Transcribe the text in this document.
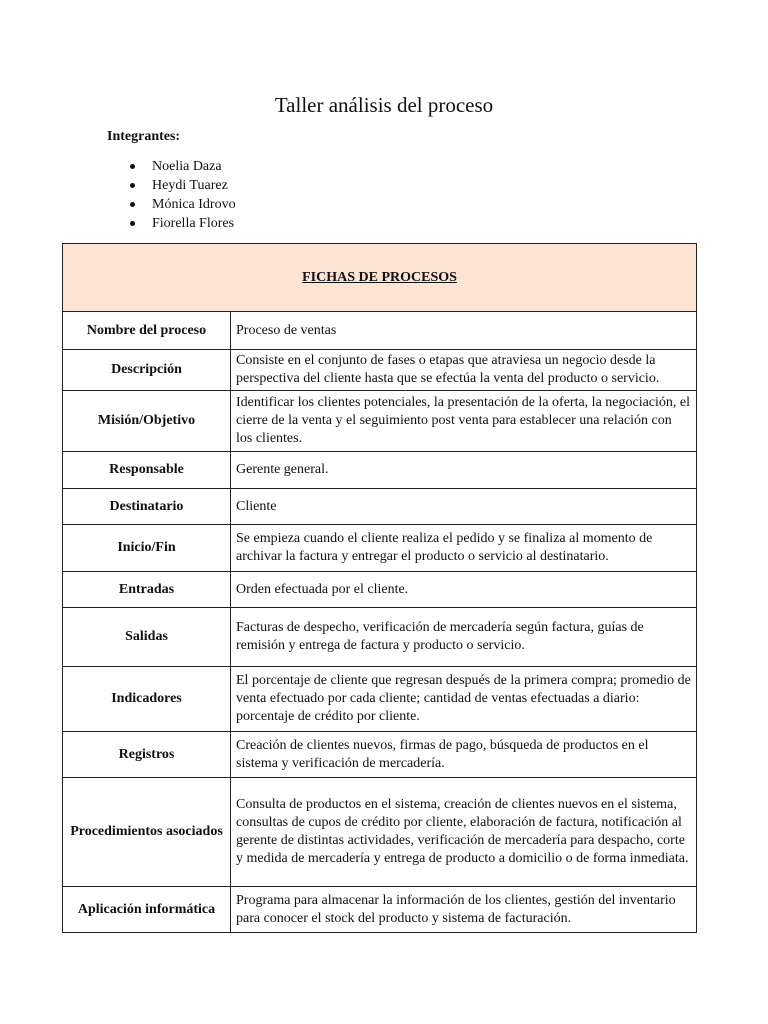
Taller análisis del proceso
Integrantes:
Noelia Daza
Heydi Tuarez
Mónica Idrovo
Fiorella Flores
FICHAS DE PROCESOS	
Nombre del proceso	Proceso de ventas
Descripción	Consiste en el conjunto de fases o etapas que atraviesa un negocio desde la perspectiva del cliente hasta que se efectúa la venta del producto o servicio.
Misión/Objetivo	Identificar los clientes potenciales, la presentación de la oferta, la negociación, el cierre de la venta y el seguimiento post venta para establecer una relación con los clientes.
Responsable	Gerente general.
Destinatario	Cliente
Inicio/Fin	Se empieza cuando el cliente realiza el pedido y se finaliza al momento de archivar la factura y entregar el producto o servicio al destinatario.
Entradas	Orden efectuada por el cliente.
Salidas	Facturas de despecho, verificación de mercadería según factura, guías de remisión y entrega de factura y producto o servicio.
Indicadores	El porcentaje de cliente que regresan después de la primera compra; promedio de venta efectuado por cada cliente; cantidad de ventas efectuadas a diario: porcentaje de crédito por cliente.
Registros	Creación de clientes nuevos, firmas de pago, búsqueda de productos en el sistema y verificación de mercadería.
Procedimientos asociados	Consulta de productos en el sistema, creación de clientes nuevos en el sistema, consultas de cupos de crédito por cliente, elaboración de factura, notificación al gerente de distintas actividades, verificación de mercadería para despacho, corte y medida de mercadería y entrega de producto a domicilio o de forma inmediata.
Aplicación informática	Programa para almacenar la información de los clientes, gestión del inventario para conocer el stock del producto y sistema de facturación.
